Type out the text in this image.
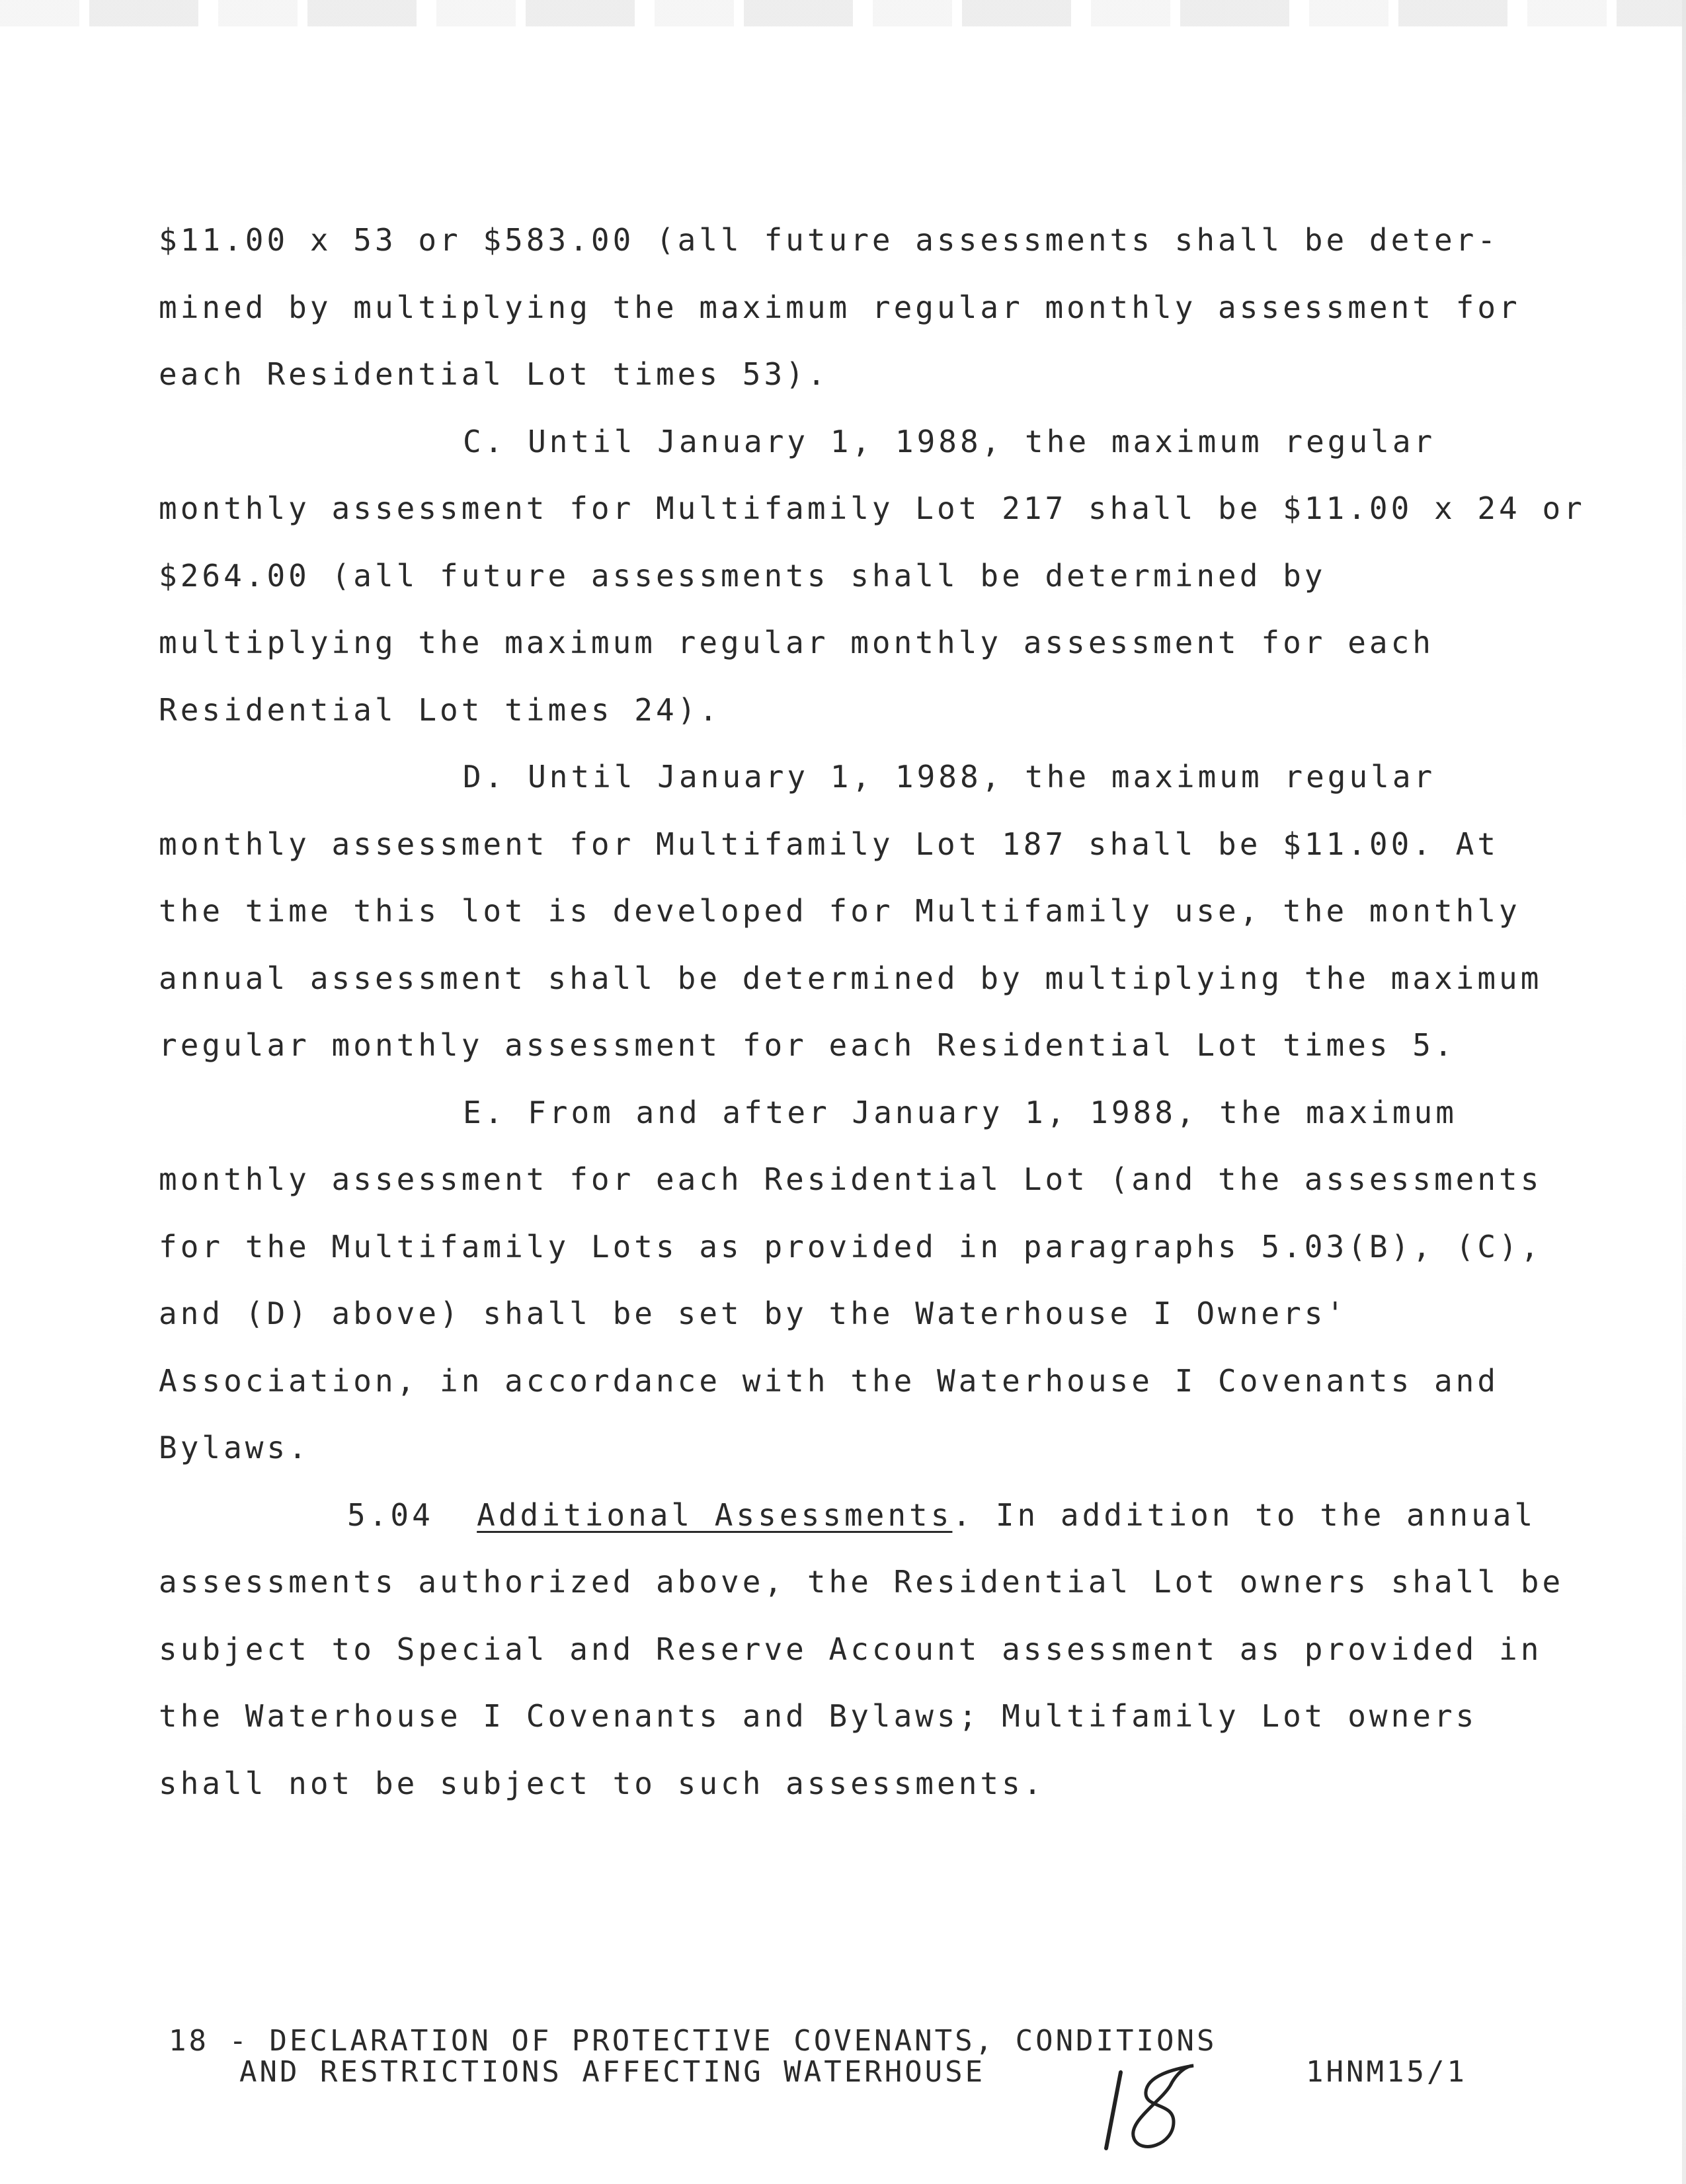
$11.00 x 53 or $583.00 (all future assessments shall be deter-
mined by multiplying the maximum regular monthly assessment for
each Residential Lot times 53).
C. Until January 1, 1988, the maximum regular
monthly assessment for Multifamily Lot 217 shall be $11.00 x 24 or
$264.00 (all future assessments shall be determined by
multiplying the maximum regular monthly assessment for each
Residential Lot times 24).
D. Until January 1, 1988, the maximum regular
monthly assessment for Multifamily Lot 187 shall be $11.00. At
the time this lot is developed for Multifamily use, the monthly
annual assessment shall be determined by multiplying the maximum
regular monthly assessment for each Residential Lot times 5.
E. From and after January 1, 1988, the maximum
monthly assessment for each Residential Lot (and the assessments
for the Multifamily Lots as provided in paragraphs 5.03(B), (C),
and (D) above) shall be set by the Waterhouse I Owners'
Association, in accordance with the Waterhouse I Covenants and
Bylaws.
5.04 Additional Assessments. In addition to the annual
assessments authorized above, the Residential Lot owners shall be
subject to Special and Reserve Account assessment as provided in
the Waterhouse I Covenants and Bylaws; Multifamily Lot owners
shall not be subject to such assessments.
18 - DECLARATION OF PROTECTIVE COVENANTS, CONDITIONS
AND RESTRICTIONS AFFECTING WATERHOUSE	1HNM15/1
